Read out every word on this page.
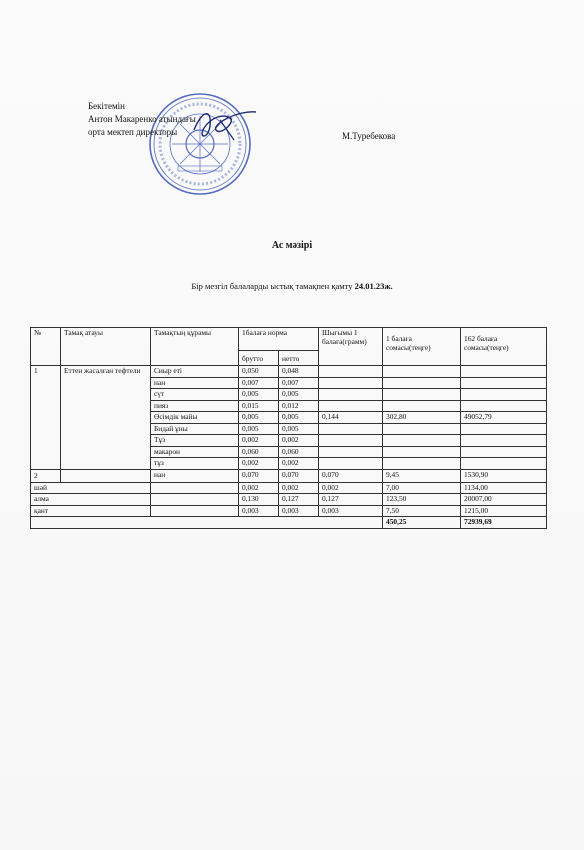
Бекітемін
Антон Макаренко атындағы
орта мектеп директоры	М.Туребекова
Ас мәзірі
Бір мезгіл балаларды ыстық тамақпен қамту 24.01.23ж.
№	Тамақ атауы	Тамақтың құрамы	1балаға норма		Шығымы 1 балаға(грамм)	1 балаға сомасы(теңге)	162 балаға сомасы(теңге)
			брутто	нетто			
1	Еттен жасалған тефтели	Сиыр еті	0,050	0,048			
		нан	0,007	0,007			
		сүт	0,005	0,005			
		пияз	0,015	0,012			
		Өсімдік майы	0,005	0,005	0,144	302,80	49052,79
		Бидай ұны	0,005	0,005			
		Тұз	0,002	0,002			
		макарон	0,060	0,060			
		тұз	0,002	0,002			
2		нан	0,070	0,070	0,070	9,45	1530,90
шәй			0,002	0,002	0,002	7,00	1134,00
алма			0,130	0,127	0,127	123,50	20007,00
қант			0,003	0,003	0,003	7,50	1215,00
						450,25	72939,69
